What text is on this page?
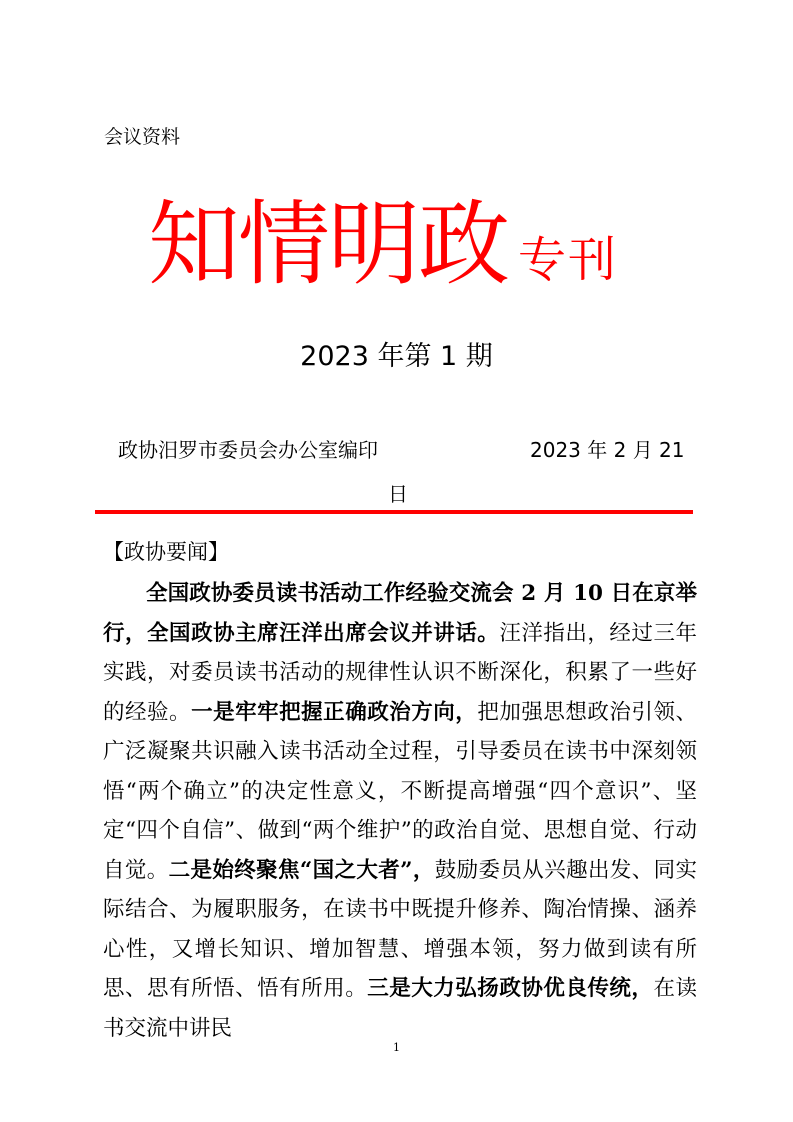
会议资料
知情明政 专刊
2023 年第 1 期
政协汨罗市委员会办公室编印	2023 年 2 月 21
日
【政协要闻】

全国政协委员读书活动工作经验交流会 2 月 10 日在京举行，全国政协主席汪洋出席会议并讲话。汪洋指出，经过三年实践，对委员读书活动的规律性认识不断深化，积累了一些好的经验。一是牢牢把握正确政治方向，把加强思想政治引领、广泛凝聚共识融入读书活动全过程，引导委员在读书中深刻领悟“两个确立”的决定性意义，不断提高增强“四个意识”、坚定“四个自信”、做到“两个维护”的政治自觉、思想自觉、行动自觉。二是始终聚焦“国之大者”，鼓励委员从兴趣出发、同实际结合、为履职服务，在读书中既提升修养、陶冶情操、涵养心性，又增长知识、增加智慧、增强本领，努力做到读有所思、思有所悟、悟有所用。三是大力弘扬政协优良传统，在读书交流中讲民

1
